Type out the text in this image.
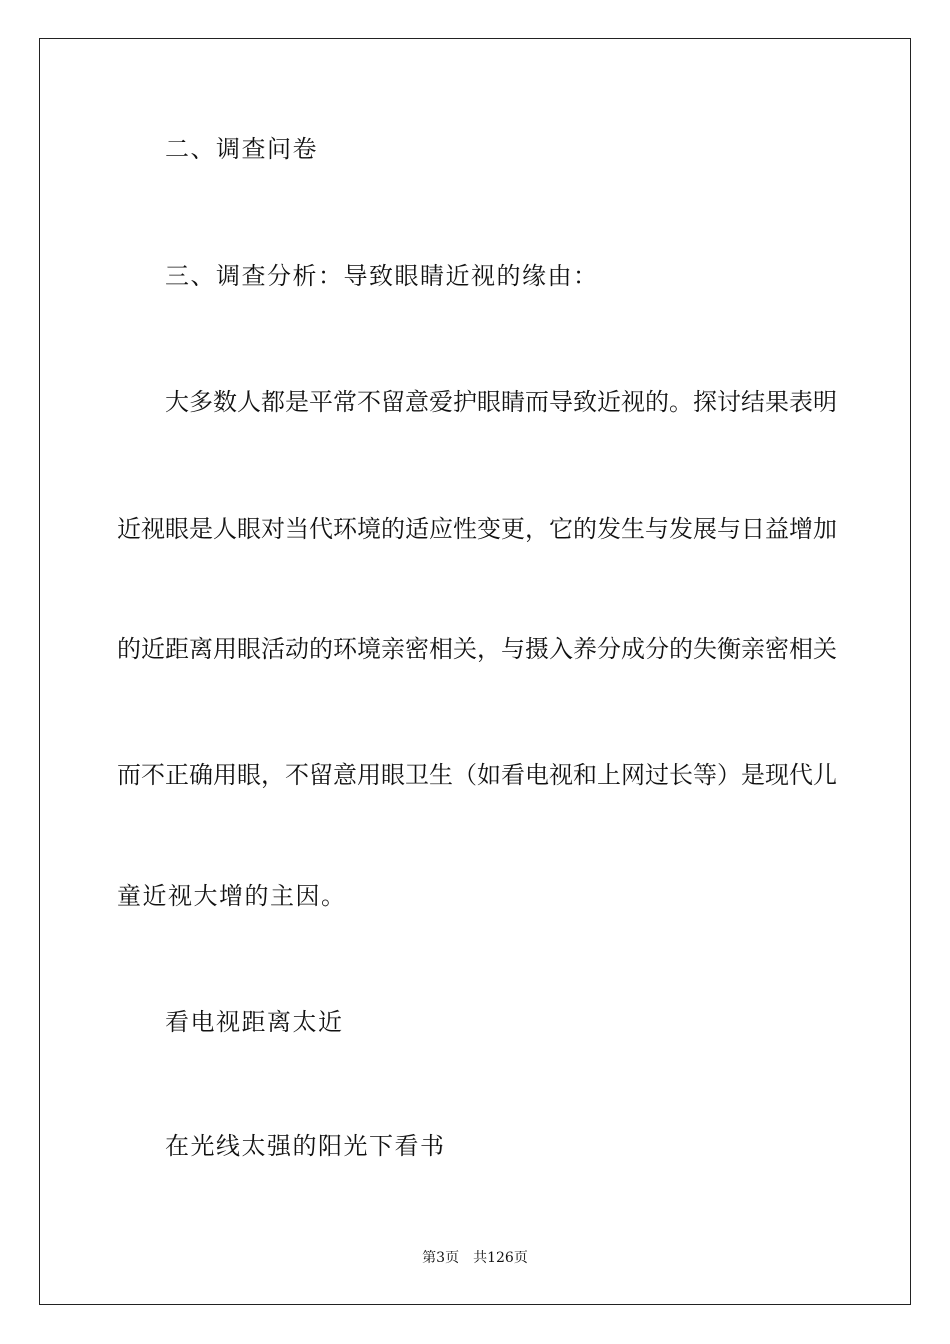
二、调查问卷
三、调查分析：导致眼睛近视的缘由：
大多数人都是平常不留意爱护眼睛而导致近视的。探讨结果表明
近视眼是人眼对当代环境的适应性变更，它的发生与发展与日益增加
的近距离用眼活动的环境亲密相关，与摄入养分成分的失衡亲密相关
而不正确用眼，不留意用眼卫生（如看电视和上网过长等）是现代儿
童近视大增的主因。
看电视距离太近
在光线太强的阳光下看书
第3页 共126页
